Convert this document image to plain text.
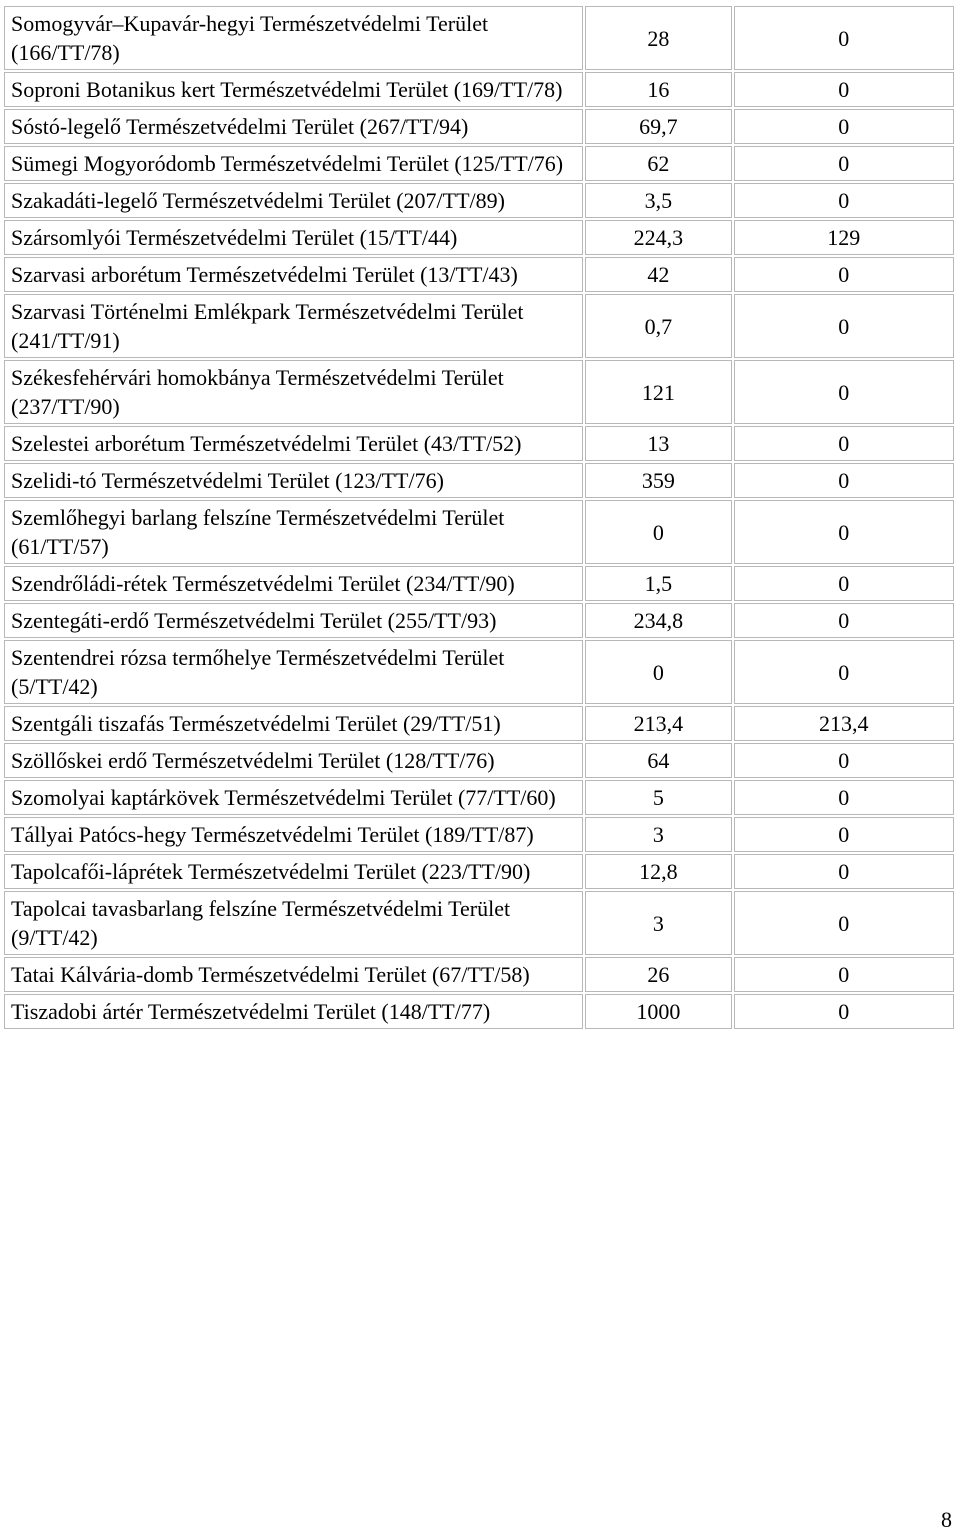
Somogyvár–Kupavár-hegyi Természetvédelmi Terület (166/TT/78)	28	0
Soproni Botanikus kert Természetvédelmi Terület (169/TT/78)	16	0
Sóstó-legelő Természetvédelmi Terület (267/TT/94)	69,7	0
Sümegi Mogyoródomb Természetvédelmi Terület (125/TT/76)	62	0
Szakadáti-legelő Természetvédelmi Terület (207/TT/89)	3,5	0
Szársomlyói Természetvédelmi Terület (15/TT/44)	224,3	129
Szarvasi arborétum Természetvédelmi Terület (13/TT/43)	42	0
Szarvasi Történelmi Emlékpark Természetvédelmi Terület (241/TT/91)	0,7	0
Székesfehérvári homokbánya Természetvédelmi Terület (237/TT/90)	121	0
Szelestei arborétum Természetvédelmi Terület (43/TT/52)	13	0
Szelidi-tó Természetvédelmi Terület (123/TT/76)	359	0
Szemlőhegyi barlang felszíne Természetvédelmi Terület (61/TT/57)	0	0
Szendrőládi-rétek Természetvédelmi Terület (234/TT/90)	1,5	0
Szentegáti-erdő Természetvédelmi Terület (255/TT/93)	234,8	0
Szentendrei rózsa termőhelye Természetvédelmi Terület (5/TT/42)	0	0
Szentgáli tiszafás Természetvédelmi Terület (29/TT/51)	213,4	213,4
Szöllőskei erdő Természetvédelmi Terület (128/TT/76)	64	0
Szomolyai kaptárkövek Természetvédelmi Terület (77/TT/60)	5	0
Tállyai Patócs-hegy Természetvédelmi Terület (189/TT/87)	3	0
Tapolcafői-láprétek Természetvédelmi Terület (223/TT/90)	12,8	0
Tapolcai tavasbarlang felszíne Természetvédelmi Terület (9/TT/42)	3	0
Tatai Kálvária-domb Természetvédelmi Terület (67/TT/58)	26	0
Tiszadobi ártér Természetvédelmi Terület (148/TT/77)	1000	0
8
